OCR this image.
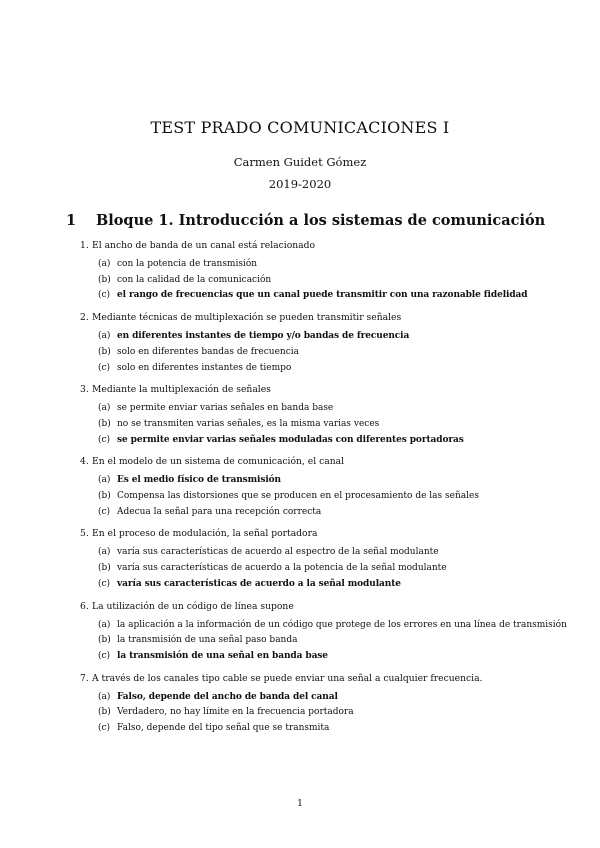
TEST PRADO COMUNICACIONES I
Carmen Guidet Gómez
2019-2020
1 Bloque 1. Introducción a los sistemas de comunicación
1. El ancho de banda de un canal está relacionado
(a) con la potencia de transmisión
(b) con la calidad de la comunicación
(c) el rango de frecuencias que un canal puede transmitir con una razonable fidelidad
2. Mediante técnicas de multiplexación se pueden transmitir señales
(a) en diferentes instantes de tiempo y/o bandas de frecuencia
(b) solo en diferentes bandas de frecuencia
(c) solo en diferentes instantes de tiempo
3. Mediante la multiplexación de señales
(a) se permite enviar varias señales en banda base
(b) no se transmiten varias señales, es la misma varias veces
(c) se permite enviar varias señales moduladas con diferentes portadoras
4. En el modelo de un sistema de comunicación, el canal
(a) Es el medio físico de transmisión
(b) Compensa las distorsiones que se producen en el procesamiento de las señales
(c) Adecua la señal para una recepción correcta
5. En el proceso de modulación, la señal portadora
(a) varía sus características de acuerdo al espectro de la señal modulante
(b) varía sus características de acuerdo a la potencia de la señal modulante
(c) varía sus características de acuerdo a la señal modulante
6. La utilización de un código de línea supone
(a) la aplicación a la información de un código que protege de los errores en una línea de transmisión
(b) la transmisión de una señal paso banda
(c) la transmisión de una señal en banda base
7. A través de los canales tipo cable se puede enviar una señal a cualquier frecuencia.
(a) Falso, depende del ancho de banda del canal
(b) Verdadero, no hay límite en la frecuencia portadora
(c) Falso, depende del tipo señal que se transmita
1
